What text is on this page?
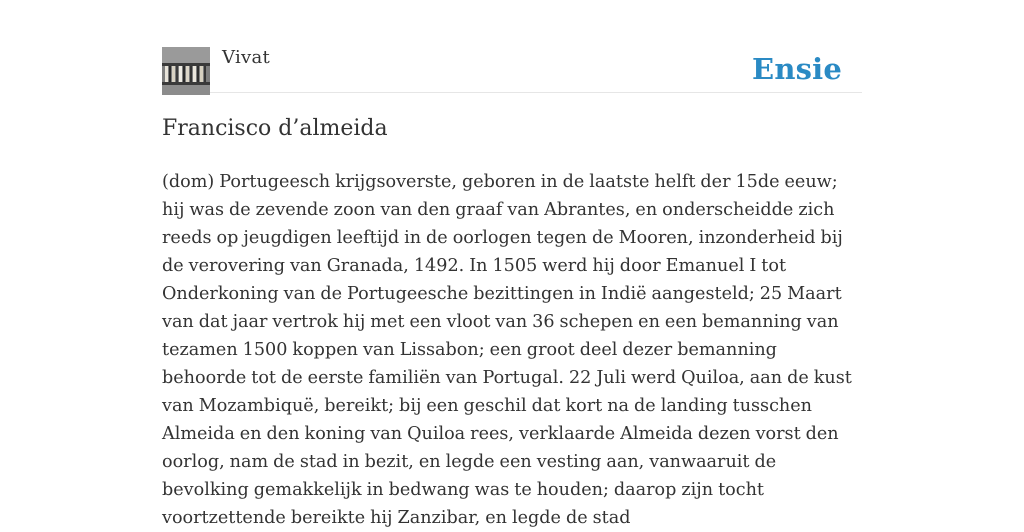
Vivat	Ensie
Francisco d’almeida

(dom) Portugeesch krijgsoverste, geboren in de laatste helft der 15de eeuw; hij was de zevende zoon van den graaf van Abrantes, en onderscheidde zich reeds op jeugdigen leeftijd in de oorlogen tegen de Mooren, inzonderheid bij de verovering van Granada, 1492. In 1505 werd hij door Emanuel I tot Onderkoning van de Portugeesche bezittingen in Indië aangesteld; 25 Maart van dat jaar vertrok hij met een vloot van 36 schepen en een bemanning van tezamen 1500 koppen van Lissabon; een groot deel dezer bemanning behoorde tot de eerste familiën van Portugal. 22 Juli werd Quiloa, aan de kust van Mozambiquë, bereikt; bij een geschil dat kort na de landing tusschen Almeida en den koning van Quiloa rees, verklaarde Almeida dezen vorst den oorlog, nam de stad in bezit, en legde een vesting aan, vanwaaruit de bevolking gemakkelijk in bedwang was te houden; daarop zijn tocht voortzettende bereikte hij Zanzibar, en legde de stad
